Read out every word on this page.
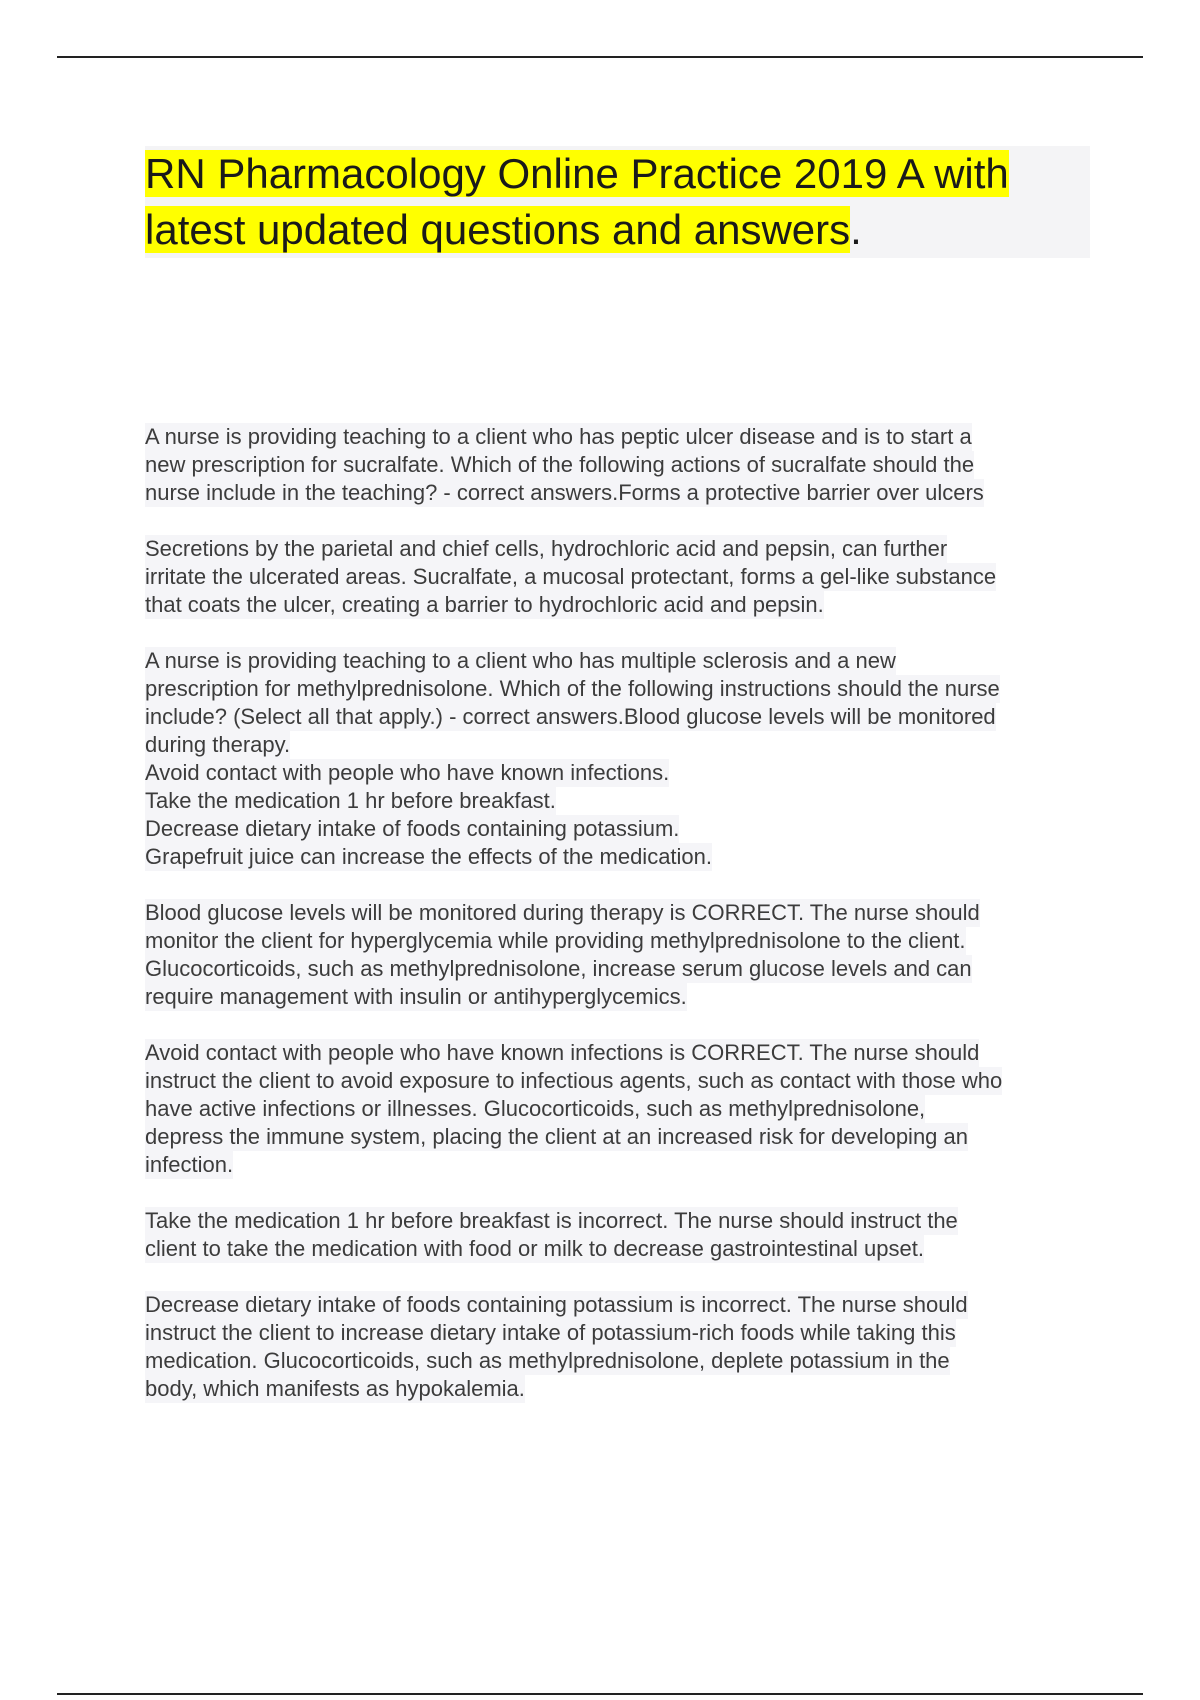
RN Pharmacology Online Practice 2019 A with latest updated questions and answers.

A nurse is providing teaching to a client who has peptic ulcer disease and is to start a
new prescription for sucralfate. Which of the following actions of sucralfate should the
nurse include in the teaching? - correct answers.Forms a protective barrier over ulcers

Secretions by the parietal and chief cells, hydrochloric acid and pepsin, can further
irritate the ulcerated areas. Sucralfate, a mucosal protectant, forms a gel-like substance
that coats the ulcer, creating a barrier to hydrochloric acid and pepsin.

A nurse is providing teaching to a client who has multiple sclerosis and a new
prescription for methylprednisolone. Which of the following instructions should the nurse
include? (Select all that apply.) - correct answers.Blood glucose levels will be monitored
during therapy.
Avoid contact with people who have known infections.
Take the medication 1 hr before breakfast.
Decrease dietary intake of foods containing potassium.
Grapefruit juice can increase the effects of the medication.

Blood glucose levels will be monitored during therapy is CORRECT. The nurse should
monitor the client for hyperglycemia while providing methylprednisolone to the client.
Glucocorticoids, such as methylprednisolone, increase serum glucose levels and can
require management with insulin or antihyperglycemics.

Avoid contact with people who have known infections is CORRECT. The nurse should
instruct the client to avoid exposure to infectious agents, such as contact with those who
have active infections or illnesses. Glucocorticoids, such as methylprednisolone,
depress the immune system, placing the client at an increased risk for developing an
infection.

Take the medication 1 hr before breakfast is incorrect. The nurse should instruct the
client to take the medication with food or milk to decrease gastrointestinal upset.

Decrease dietary intake of foods containing potassium is incorrect. The nurse should
instruct the client to increase dietary intake of potassium-rich foods while taking this
medication. Glucocorticoids, such as methylprednisolone, deplete potassium in the
body, which manifests as hypokalemia.
